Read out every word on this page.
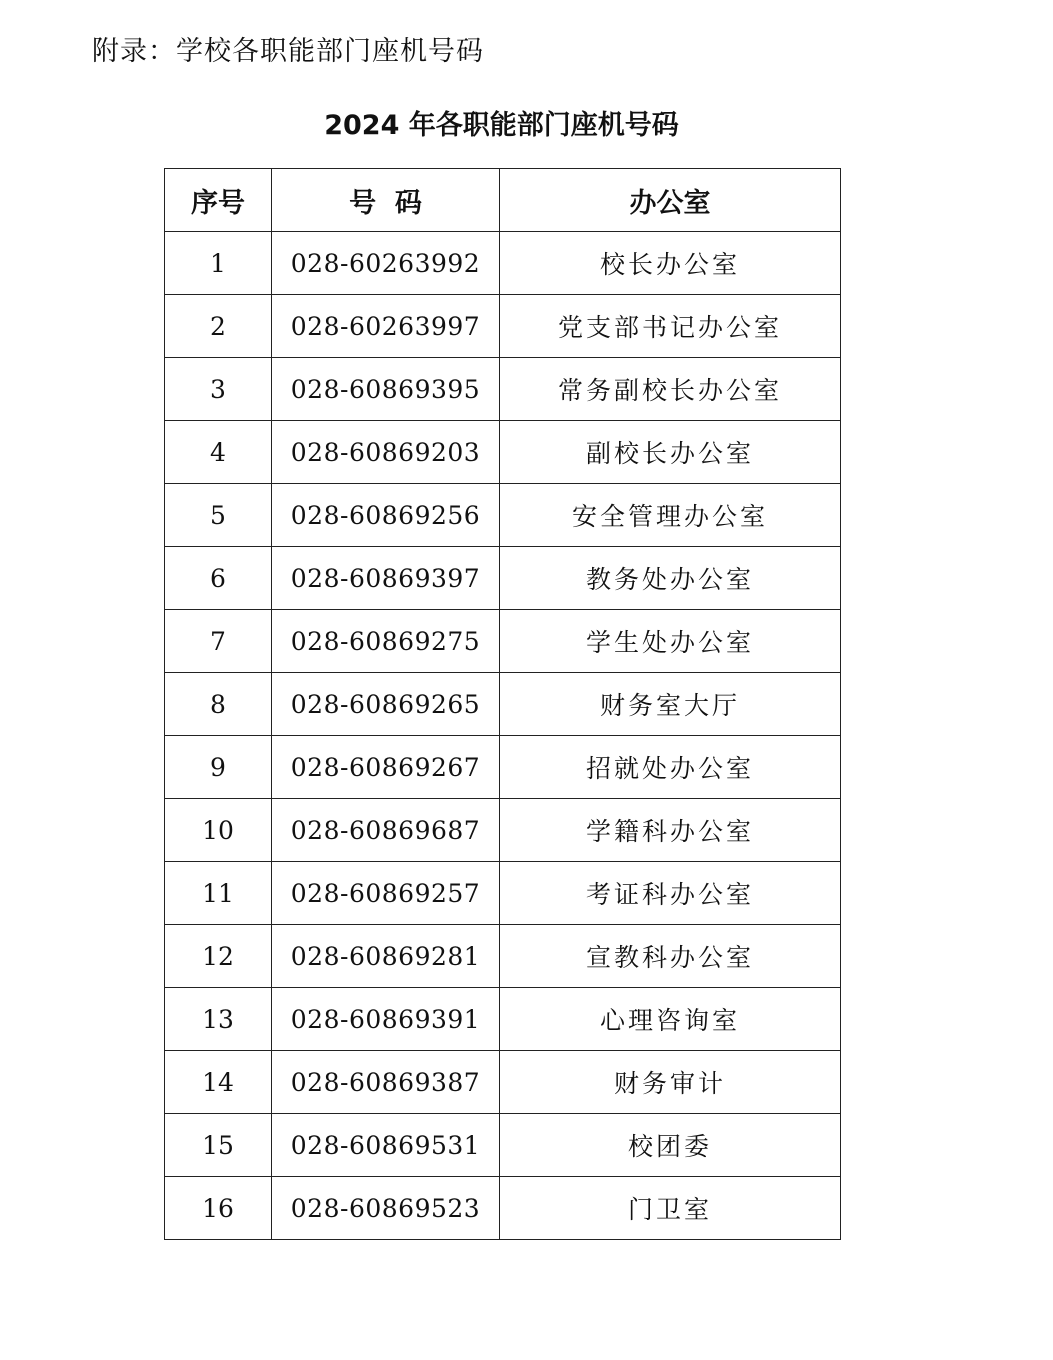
附录：学校各职能部门座机号码
2024 年各职能部门座机号码
序号	号  码	办公室
1	028-60263992	校长办公室
2	028-60263997	党支部书记办公室
3	028-60869395	常务副校长办公室
4	028-60869203	副校长办公室
5	028-60869256	安全管理办公室
6	028-60869397	教务处办公室
7	028-60869275	学生处办公室
8	028-60869265	财务室大厅
9	028-60869267	招就处办公室
10	028-60869687	学籍科办公室
11	028-60869257	考证科办公室
12	028-60869281	宣教科办公室
13	028-60869391	心理咨询室
14	028-60869387	财务审计
15	028-60869531	校团委
16	028-60869523	门卫室
